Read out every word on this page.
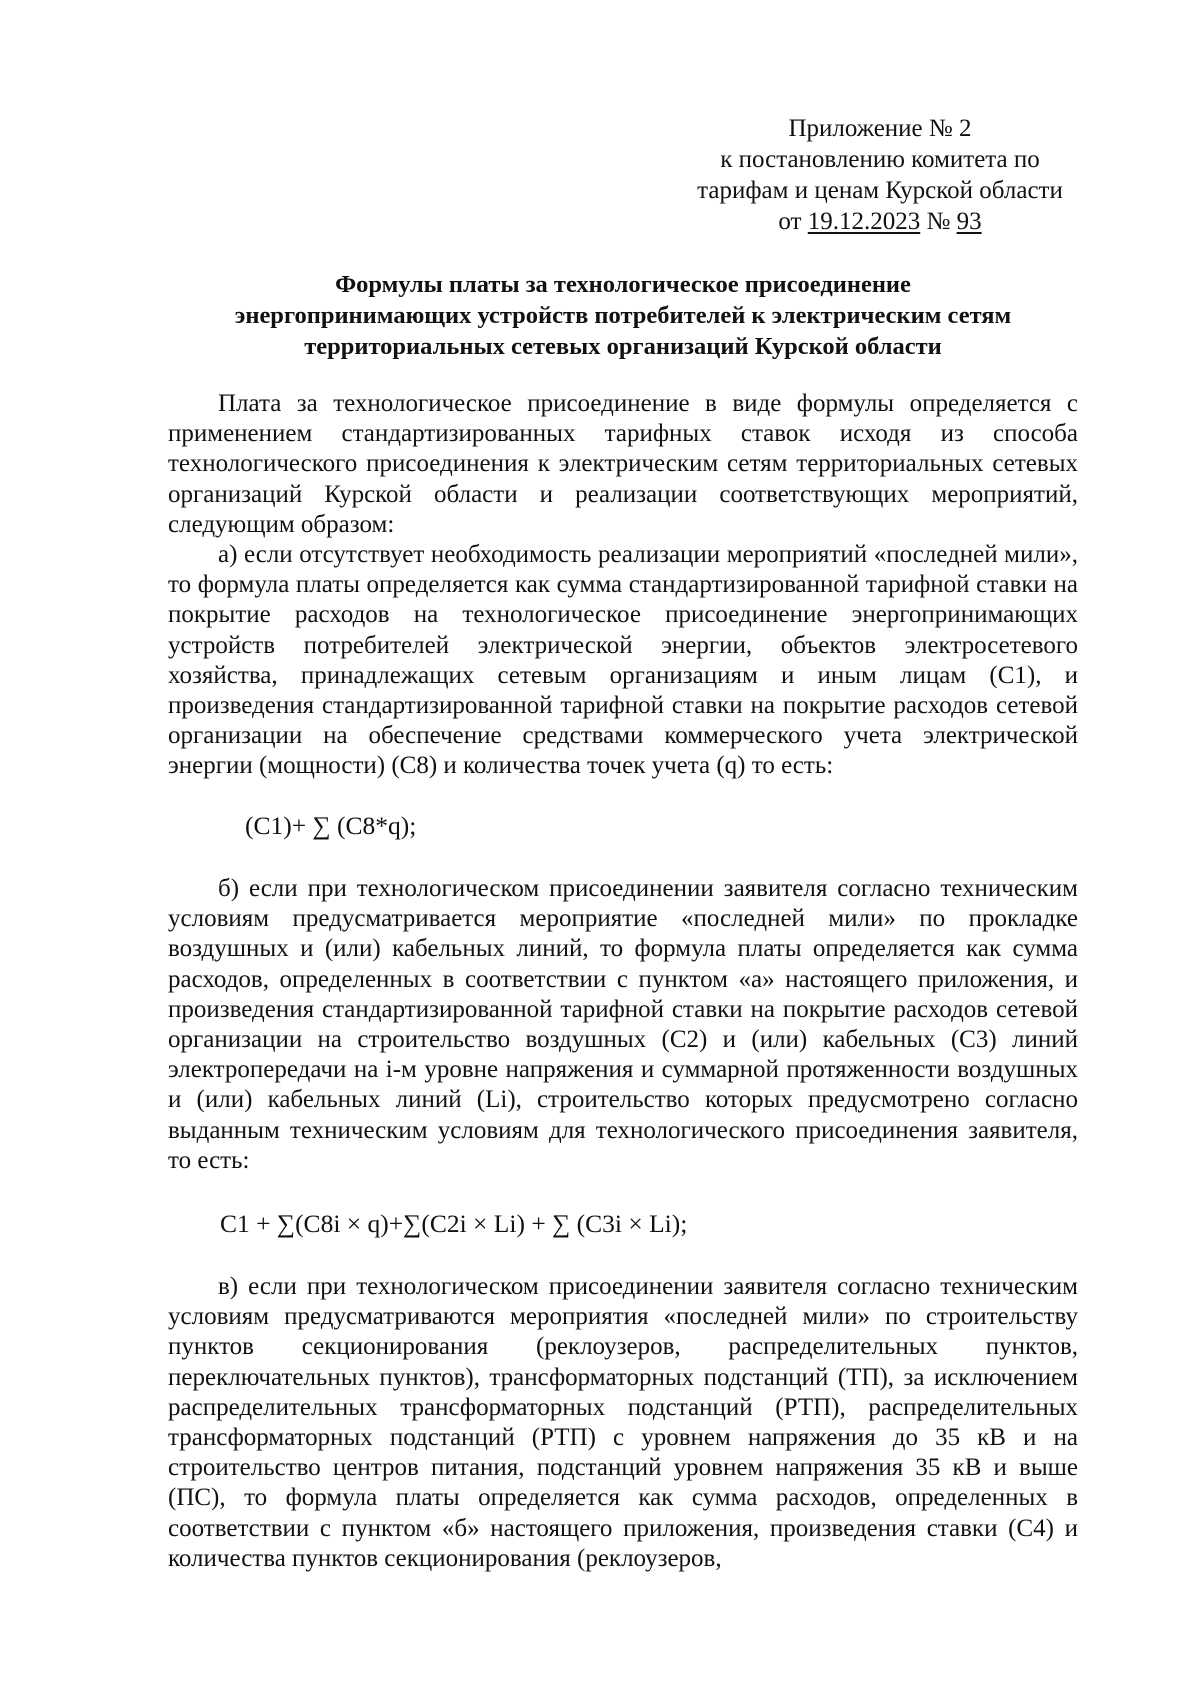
Приложение № 2
к постановлению комитета по
тарифам и ценам Курской области
от 19.12.2023 № 93
Формулы платы за технологическое присоединение
энергопринимающих устройств потребителей к электрическим сетям
территориальных сетевых организаций Курской области

Плата за технологическое присоединение в виде формулы определяется с применением стандартизированных тарифных ставок исходя из способа технологического присоединения к электрическим сетям территориальных сетевых организаций Курской области и реализации соответствующих мероприятий, следующим образом:

а) если отсутствует необходимость реализации мероприятий «последней мили», то формула платы определяется как сумма стандартизированной тарифной ставки на покрытие расходов на технологическое присоединение энергопринимающих устройств потребителей электрической энергии, объектов электросетевого хозяйства, принадлежащих сетевым организациям и иным лицам (С1), и произведения стандартизированной тарифной ставки на покрытие расходов сетевой организации на обеспечение средствами коммерческого учета электрической энергии (мощности) (С8) и количества точек учета (q) то есть:

(С1)+ ∑ (С8*q);

б) если при технологическом присоединении заявителя согласно техническим условиям предусматривается мероприятие «последней мили» по прокладке воздушных и (или) кабельных линий, то формула платы определяется как сумма расходов, определенных в соответствии с пунктом «а» настоящего приложения, и произведения стандартизированной тарифной ставки на покрытие расходов сетевой организации на строительство воздушных (С2) и (или) кабельных (С3) линий электропередачи на i-м уровне напряжения и суммарной протяженности воздушных и (или) кабельных линий (Li), строительство которых предусмотрено согласно выданным техническим условиям для технологического присоединения заявителя, то есть:

С1 + ∑(С8i × q)+∑(С2i × Li) + ∑ (С3i × Li);

в) если при технологическом присоединении заявителя согласно техническим условиям предусматриваются мероприятия «последней мили» по строительству пунктов секционирования (реклоузеров, распределительных пунктов, переключательных пунктов), трансформаторных подстанций (ТП), за исключением распределительных трансформаторных подстанций (РТП), распределительных трансформаторных подстанций (РТП) с уровнем напряжения до 35 кВ и на строительство центров питания, подстанций уровнем напряжения 35 кВ и выше (ПС), то формула платы определяется как сумма расходов, определенных в соответствии с пунктом «б» настоящего приложения, произведения ставки (С4) и количества пунктов секционирования (реклоузеров,
